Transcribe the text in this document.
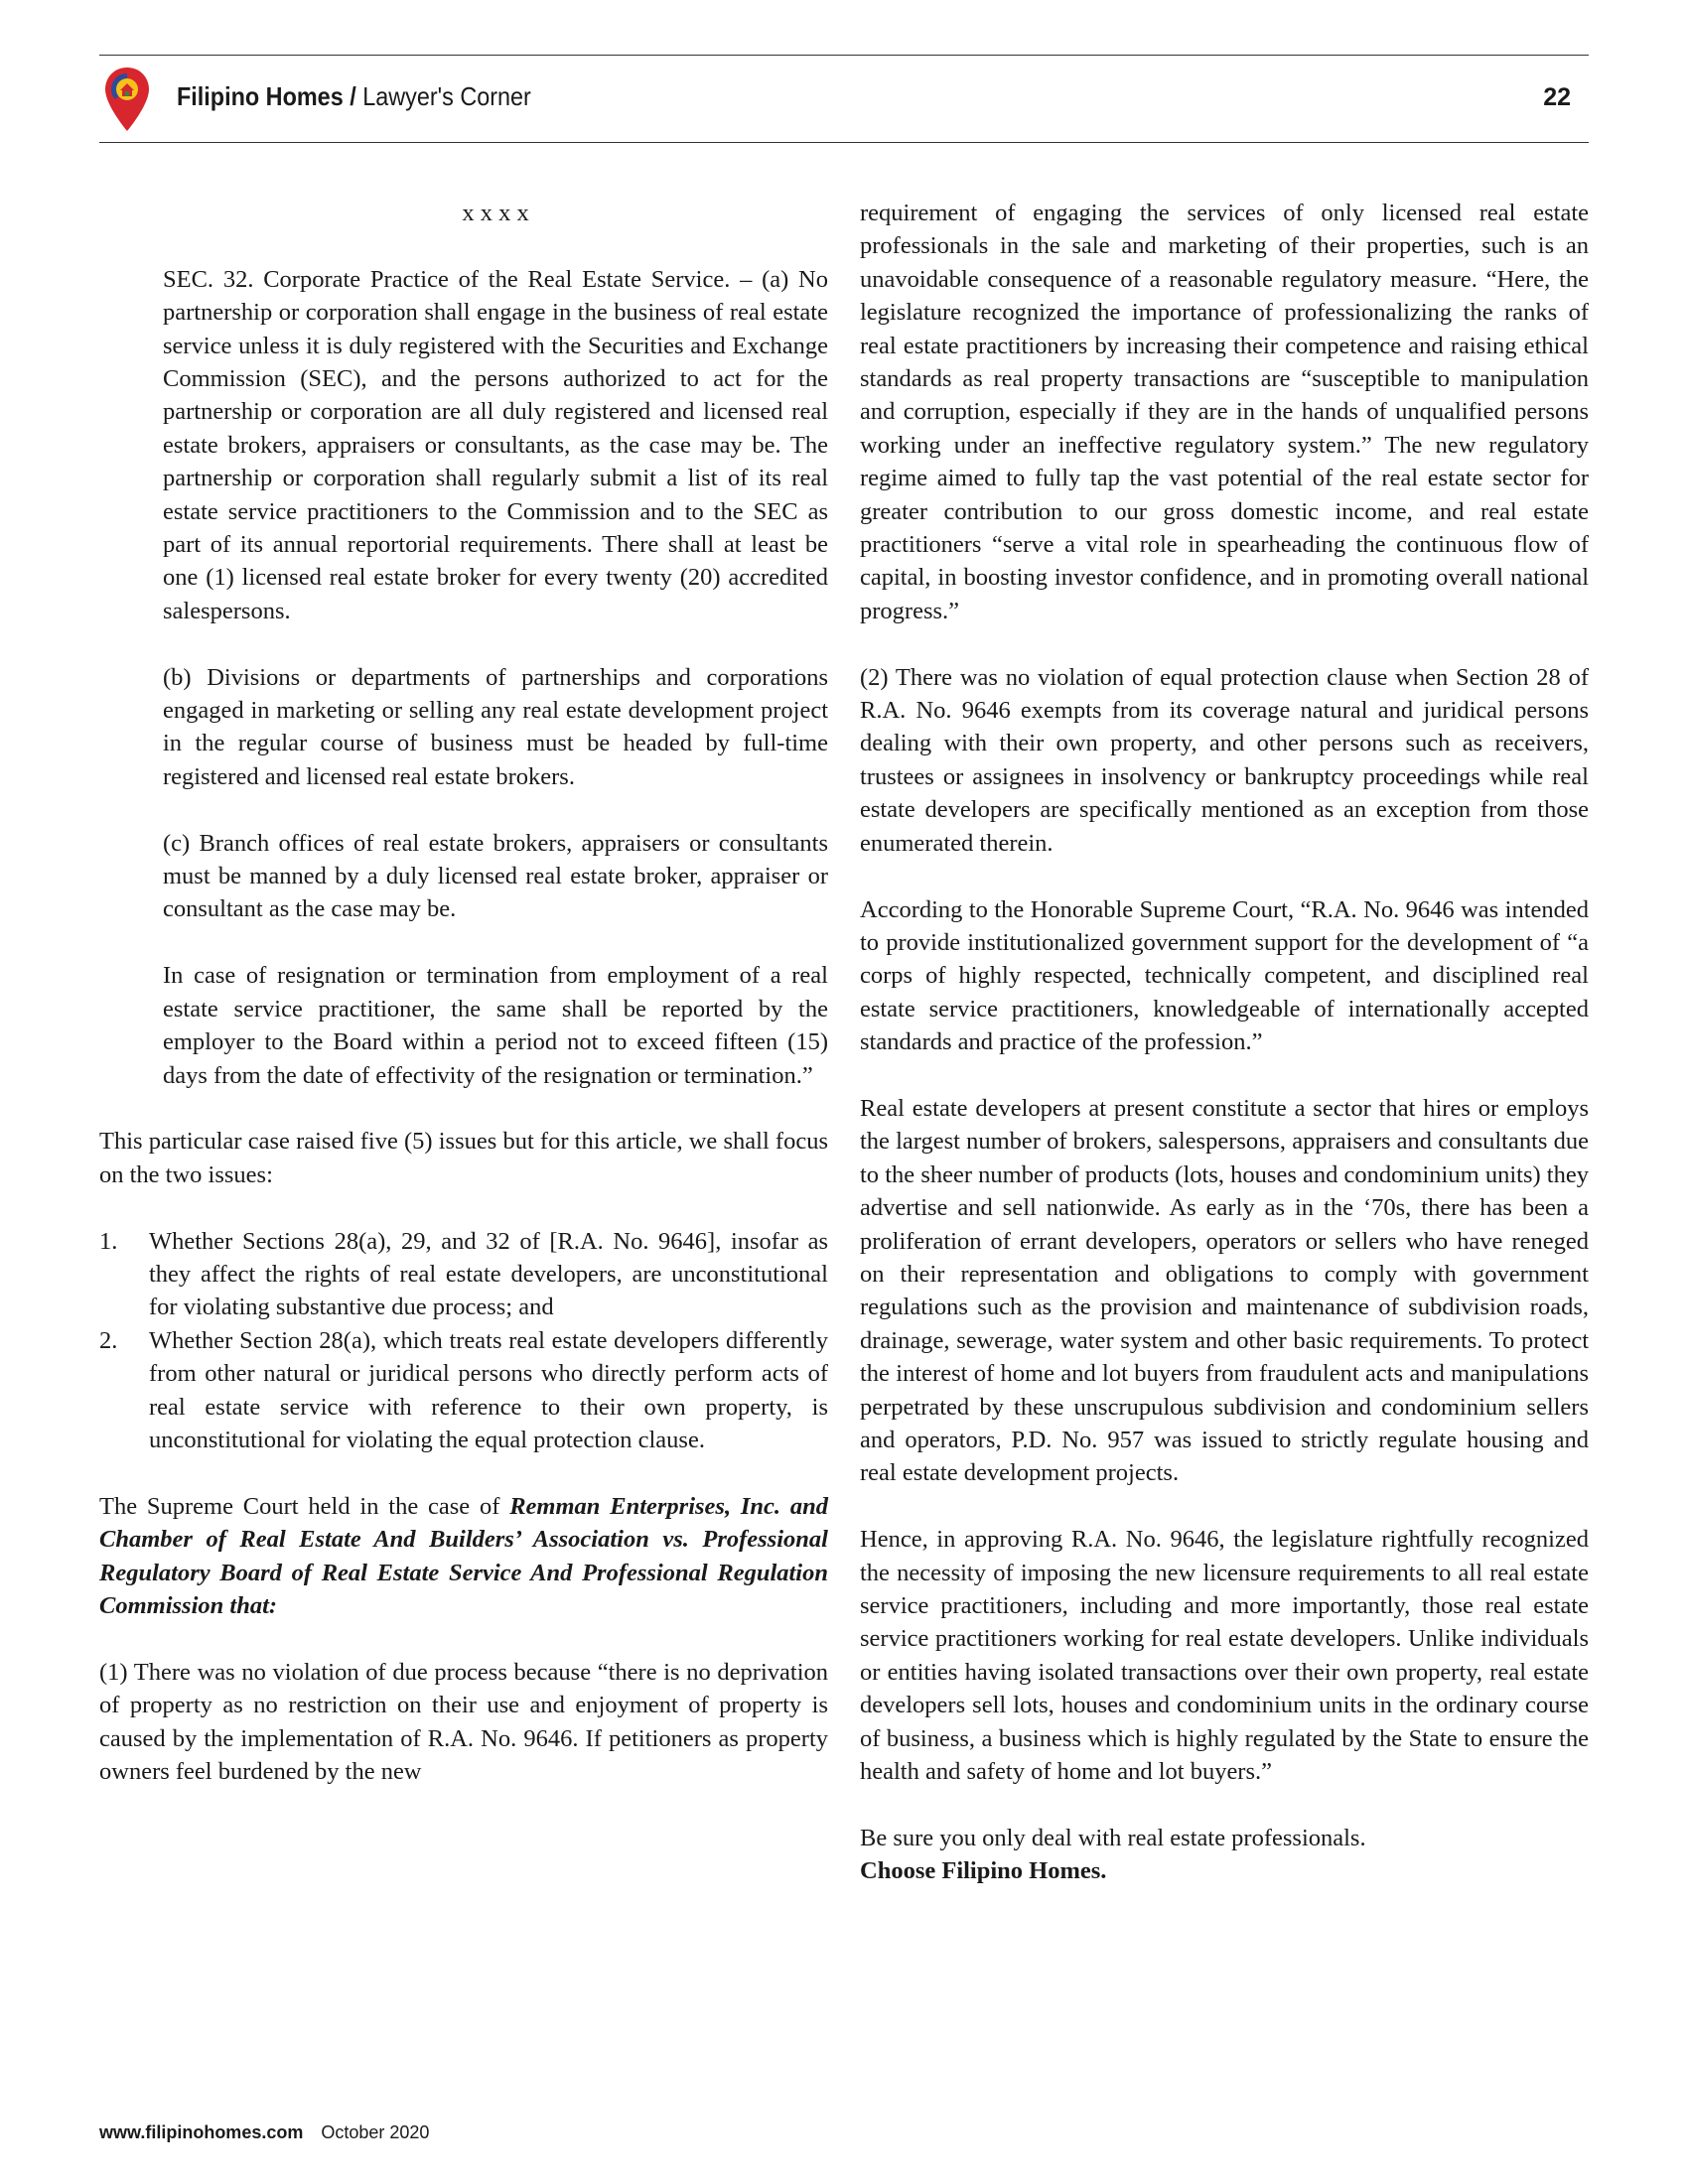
Filipino Homes / Lawyer's Corner	22

x x x x

SEC. 32. Corporate Practice of the Real Estate Service. – (a) No partnership or corporation shall engage in the business of real estate service unless it is duly registered with the Securities and Exchange Commission (SEC), and the persons authorized to act for the partnership or corporation are all duly registered and licensed real estate brokers, appraisers or consultants, as the case may be. The partnership or corporation shall regularly submit a list of its real estate service practitioners to the Commission and to the SEC as part of its annual reportorial requirements. There shall at least be one (1) licensed real estate broker for every twenty (20) accredited salespersons.

(b) Divisions or departments of partnerships and corporations engaged in marketing or selling any real estate development project in the regular course of business must be headed by full-time registered and licensed real estate brokers.

(c) Branch offices of real estate brokers, appraisers or consultants must be manned by a duly licensed real estate broker, appraiser or consultant as the case may be.

In case of resignation or termination from employment of a real estate service practitioner, the same shall be reported by the employer to the Board within a period not to exceed fifteen (15) days from the date of effectivity of the resignation or termination.”

This particular case raised five (5) issues but for this article, we shall focus on the two issues:

1. Whether Sections 28(a), 29, and 32 of [R.A. No. 9646], insofar as they affect the rights of real estate developers, are unconstitutional for violating substantive due process; and
2. Whether Section 28(a), which treats real estate developers differently from other natural or juridical persons who directly perform acts of real estate service with reference to their own property, is unconstitutional for violating the equal protection clause.

The Supreme Court held in the case of Remman Enterprises, Inc. and Chamber of Real Estate And Builders’ Association vs. Professional Regulatory Board of Real Estate Service And Professional Regulation Commission that:

(1) There was no violation of due process because “there is no deprivation of property as no restriction on their use and enjoyment of property is caused by the implementation of R.A. No. 9646. If petitioners as property owners feel burdened by the new

requirement of engaging the services of only licensed real estate professionals in the sale and marketing of their properties, such is an unavoidable consequence of a reasonable regulatory measure. “Here, the legislature recognized the importance of professionalizing the ranks of real estate practitioners by increasing their competence and raising ethical standards as real property transactions are “susceptible to manipulation and corruption, especially if they are in the hands of unqualified persons working under an ineffective regulatory system.” The new regulatory regime aimed to fully tap the vast potential of the real estate sector for greater contribution to our gross domestic income, and real estate practitioners “serve a vital role in spearheading the continuous flow of capital, in boosting investor confidence, and in promoting overall national progress.”

(2) There was no violation of equal protection clause when Section 28 of R.A. No. 9646 exempts from its coverage natural and juridical persons dealing with their own property, and other persons such as receivers, trustees or assignees in insolvency or bankruptcy proceedings while real estate developers are specifically mentioned as an exception from those enumerated therein.

According to the Honorable Supreme Court, “R.A. No. 9646 was intended to provide institutionalized government support for the development of “a corps of highly respected, technically competent, and disciplined real estate service practitioners, knowledgeable of internationally accepted standards and practice of the profession.”

Real estate developers at present constitute a sector that hires or employs the largest number of brokers, salespersons, appraisers and consultants due to the sheer number of products (lots, houses and condominium units) they advertise and sell nationwide. As early as in the ‘70s, there has been a proliferation of errant developers, operators or sellers who have reneged on their representation and obligations to comply with government regulations such as the provision and maintenance of subdivision roads, drainage, sewerage, water system and other basic requirements. To protect the interest of home and lot buyers from fraudulent acts and manipulations perpetrated by these unscrupulous subdivision and condominium sellers and operators, P.D. No. 957 was issued to strictly regulate housing and real estate development projects.

Hence, in approving R.A. No. 9646, the legislature rightfully recognized the necessity of imposing the new licensure requirements to all real estate service practitioners, including and more importantly, those real estate service practitioners working for real estate developers. Unlike individuals or entities having isolated transactions over their own property, real estate developers sell lots, houses and condominium units in the ordinary course of business, a business which is highly regulated by the State to ensure the health and safety of home and lot buyers.”

Be sure you only deal with real estate professionals.

Choose Filipino Homes.

www.filipinohomes.com October 2020
